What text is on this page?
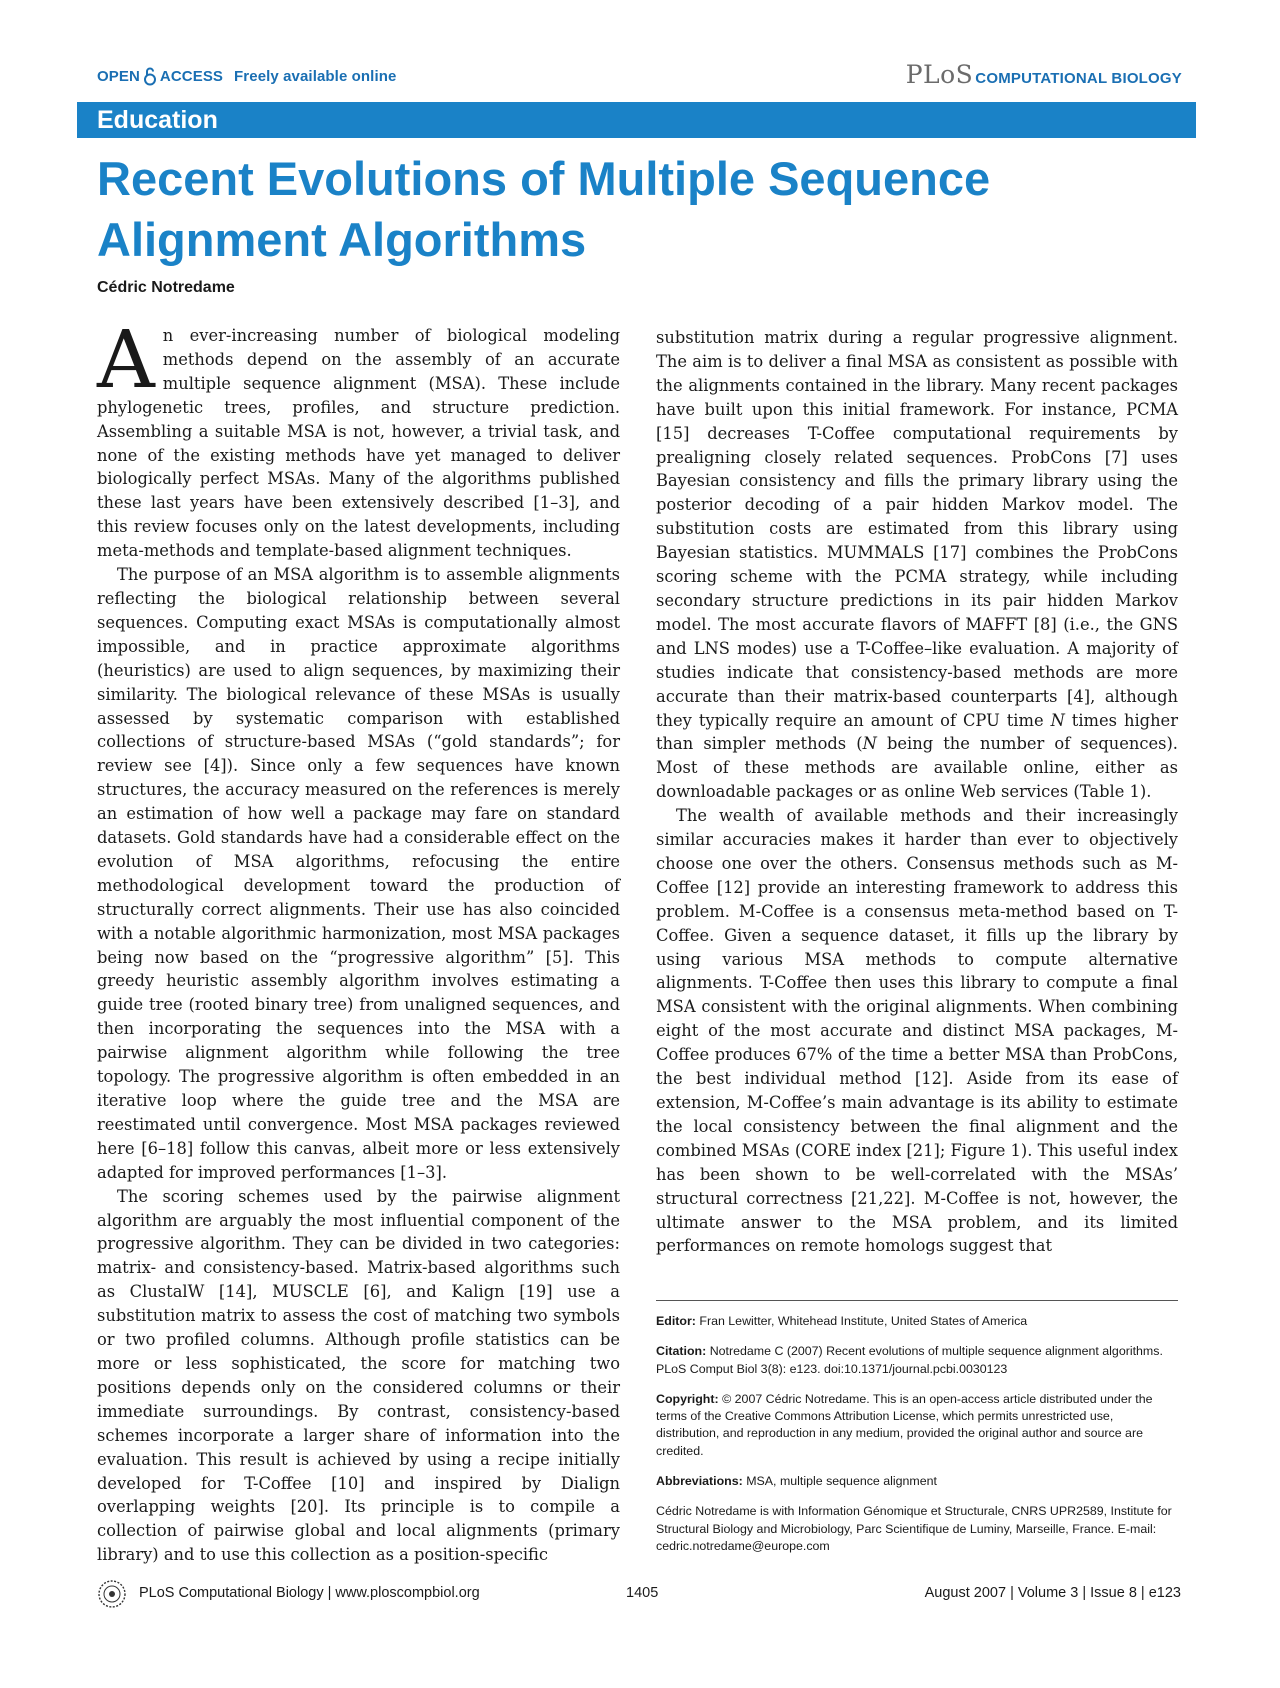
OPEN ACCESS Freely available online	PLoS COMPUTATIONAL BIOLOGY
Education
Recent Evolutions of Multiple Sequence Alignment Algorithms
Cédric Notredame

An ever-increasing number of biological modeling methods depend on the assembly of an accurate multiple sequence alignment (MSA). These include phylogenetic trees, profiles, and structure prediction. Assembling a suitable MSA is not, however, a trivial task, and none of the existing methods have yet managed to deliver biologically perfect MSAs. Many of the algorithms published these last years have been extensively described [1–3], and this review focuses only on the latest developments, including meta-methods and template-based alignment techniques.

The purpose of an MSA algorithm is to assemble alignments reflecting the biological relationship between several sequences. Computing exact MSAs is computationally almost impossible, and in practice approximate algorithms (heuristics) are used to align sequences, by maximizing their similarity. The biological relevance of these MSAs is usually assessed by systematic comparison with established collections of structure-based MSAs (“gold standards”; for review see [4]). Since only a few sequences have known structures, the accuracy measured on the references is merely an estimation of how well a package may fare on standard datasets. Gold standards have had a considerable effect on the evolution of MSA algorithms, refocusing the entire methodological development toward the production of structurally correct alignments. Their use has also coincided with a notable algorithmic harmonization, most MSA packages being now based on the “progressive algorithm” [5]. This greedy heuristic assembly algorithm involves estimating a guide tree (rooted binary tree) from unaligned sequences, and then incorporating the sequences into the MSA with a pairwise alignment algorithm while following the tree topology. The progressive algorithm is often embedded in an iterative loop where the guide tree and the MSA are reestimated until convergence. Most MSA packages reviewed here [6–18] follow this canvas, albeit more or less extensively adapted for improved performances [1–3].

The scoring schemes used by the pairwise alignment algorithm are arguably the most influential component of the progressive algorithm. They can be divided in two categories: matrix- and consistency-based. Matrix-based algorithms such as ClustalW [14], MUSCLE [6], and Kalign [19] use a substitution matrix to assess the cost of matching two symbols or two profiled columns. Although profile statistics can be more or less sophisticated, the score for matching two positions depends only on the considered columns or their immediate surroundings. By contrast, consistency-based schemes incorporate a larger share of information into the evaluation. This result is achieved by using a recipe initially developed for T-Coffee [10] and inspired by Dialign overlapping weights [20]. Its principle is to compile a collection of pairwise global and local alignments (primary library) and to use this collection as a position-specific

substitution matrix during a regular progressive alignment. The aim is to deliver a final MSA as consistent as possible with the alignments contained in the library. Many recent packages have built upon this initial framework. For instance, PCMA [15] decreases T-Coffee computational requirements by prealigning closely related sequences. ProbCons [7] uses Bayesian consistency and fills the primary library using the posterior decoding of a pair hidden Markov model. The substitution costs are estimated from this library using Bayesian statistics. MUMMALS [17] combines the ProbCons scoring scheme with the PCMA strategy, while including secondary structure predictions in its pair hidden Markov model. The most accurate flavors of MAFFT [8] (i.e., the GNS and LNS modes) use a T-Coffee–like evaluation. A majority of studies indicate that consistency-based methods are more accurate than their matrix-based counterparts [4], although they typically require an amount of CPU time N times higher than simpler methods (N being the number of sequences). Most of these methods are available online, either as downloadable packages or as online Web services (Table 1).

The wealth of available methods and their increasingly similar accuracies makes it harder than ever to objectively choose one over the others. Consensus methods such as M-Coffee [12] provide an interesting framework to address this problem. M-Coffee is a consensus meta-method based on T-Coffee. Given a sequence dataset, it fills up the library by using various MSA methods to compute alternative alignments. T-Coffee then uses this library to compute a final MSA consistent with the original alignments. When combining eight of the most accurate and distinct MSA packages, M-Coffee produces 67% of the time a better MSA than ProbCons, the best individual method [12]. Aside from its ease of extension, M-Coffee’s main advantage is its ability to estimate the local consistency between the final alignment and the combined MSAs (CORE index [21]; Figure 1). This useful index has been shown to be well-correlated with the MSAs’ structural correctness [21,22]. M-Coffee is not, however, the ultimate answer to the MSA problem, and its limited performances on remote homologs suggest that

Editor: Fran Lewitter, Whitehead Institute, United States of America

Citation: Notredame C (2007) Recent evolutions of multiple sequence alignment algorithms. PLoS Comput Biol 3(8): e123. doi:10.1371/journal.pcbi.0030123

Copyright: © 2007 Cédric Notredame. This is an open-access article distributed under the terms of the Creative Commons Attribution License, which permits unrestricted use, distribution, and reproduction in any medium, provided the original author and source are credited.

Abbreviations: MSA, multiple sequence alignment

Cédric Notredame is with Information Génomique et Structurale, CNRS UPR2589, Institute for Structural Biology and Microbiology, Parc Scientifique de Luminy, Marseille, France. E-mail: cedric.notredame@europe.com

PLoS Computational Biology | www.ploscompbiol.org	1405	August 2007 | Volume 3 | Issue 8 | e123
